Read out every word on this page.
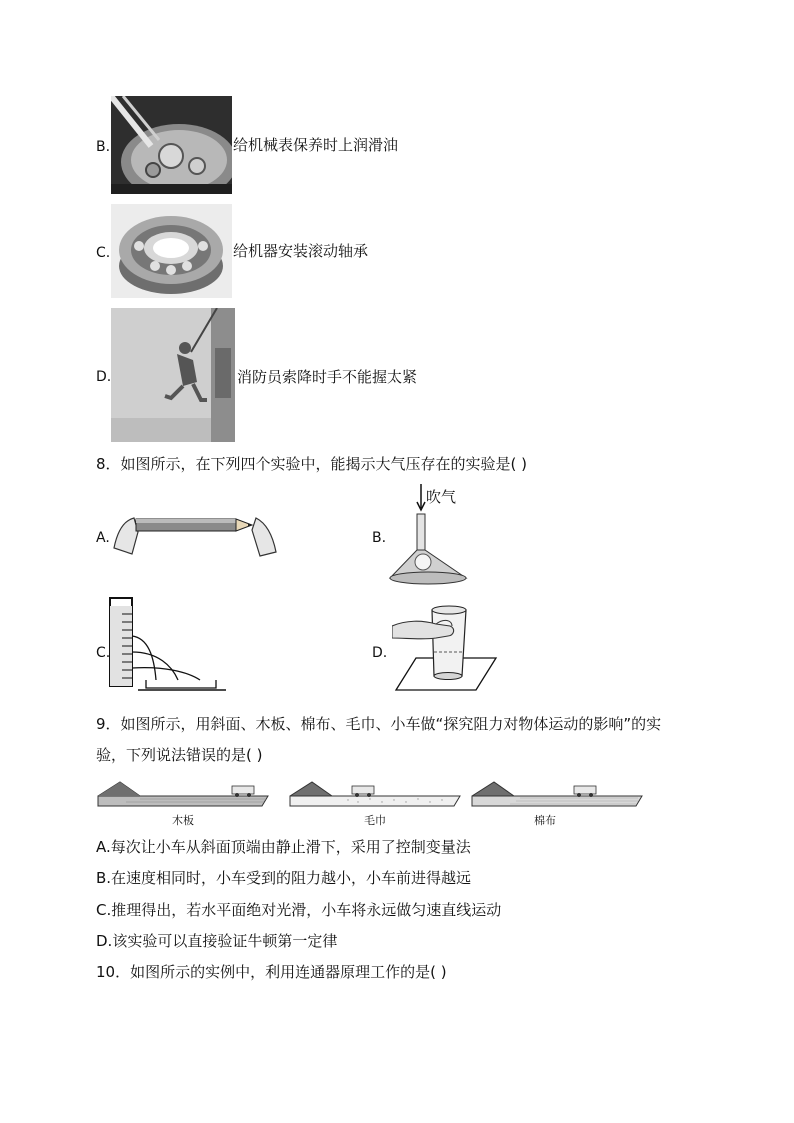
B.	给机械表保养时上润滑油
C.	给机器安装滚动轴承
D.	消防员索降时手不能握太紧
8．如图所示，在下列四个实验中，能揭示大气压存在的实验是( )
A.	B.
吹气
C.	D.
9．如图所示，用斜面、木板、棉布、毛巾、小车做“探究阻力对物体运动的影响”的实
验，下列说法错误的是( )
木板	毛巾	棉布
A.每次让小车从斜面顶端由静止滑下，采用了控制变量法
B.在速度相同时，小车受到的阻力越小，小车前进得越远
C.推理得出，若水平面绝对光滑，小车将永远做匀速直线运动
D.该实验可以直接验证牛顿第一定律
10．如图所示的实例中，利用连通器原理工作的是( )
